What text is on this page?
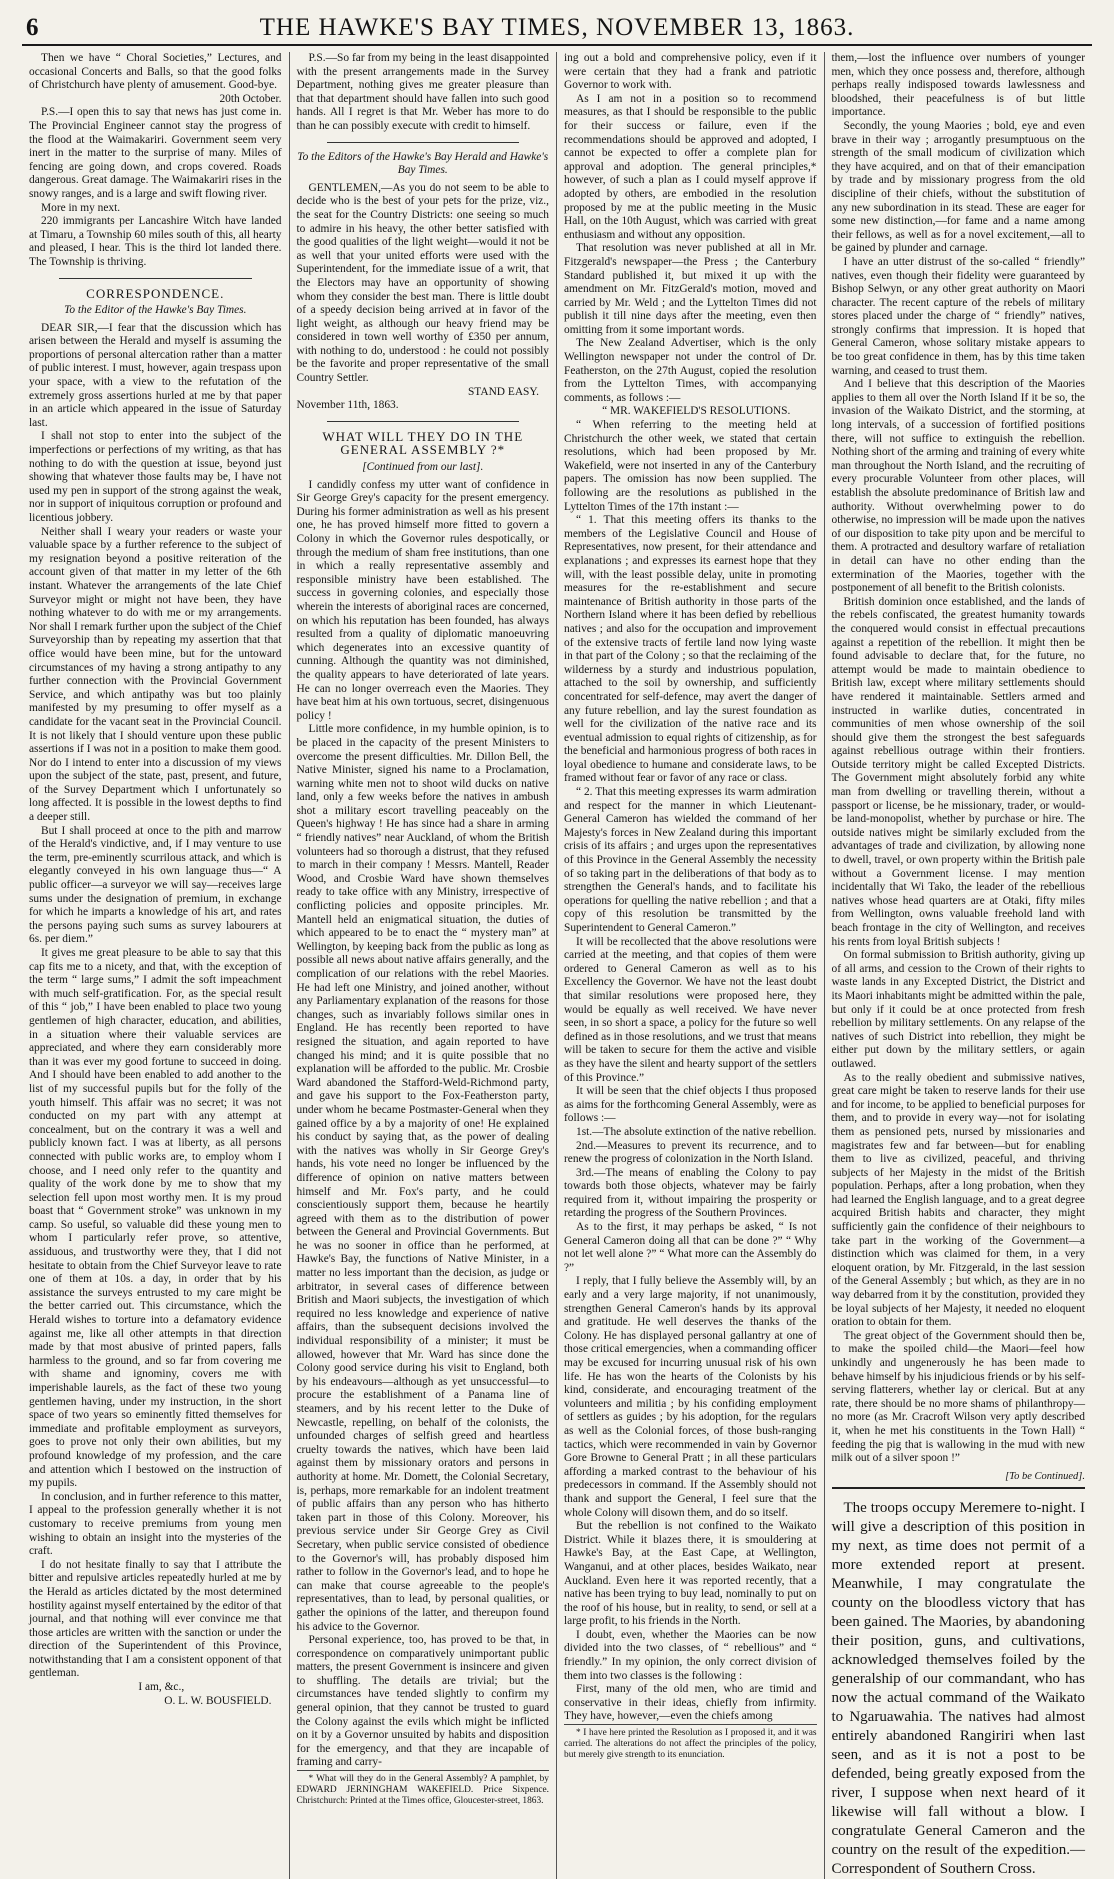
6	THE HAWKE'S BAY TIMES, NOVEMBER 13, 1863.

Then we have “ Choral Societies,” Lectures, and occasional Concerts and Balls, so that the good folks of Christchurch have plenty of amusement. Good-bye.

20th October.

P.S.—I open this to say that news has just come in. The Provincial Engineer cannot stay the progress of the flood at the Waimakariri. Government seem very inert in the matter to the surprise of many. Miles of fencing are going down, and crops covered. Roads dangerous. Great damage. The Waimakariri rises in the snowy ranges, and is a large and swift flowing river.

More in my next.

220 immigrants per Lancashire Witch have landed at Timaru, a Township 60 miles south of this, all hearty and pleased, I hear. This is the third lot landed there. The Township is thriving.

CORRESPONDENCE.
To the Editor of the Hawke's Bay Times.

DEAR SIR,—I fear that the discussion which has arisen between the Herald and myself is assuming the proportions of personal altercation rather than a matter of public interest. I must, however, again trespass upon your space, with a view to the refutation of the extremely gross assertions hurled at me by that paper in an article which appeared in the issue of Saturday last.

I shall not stop to enter into the subject of the imperfections or perfections of my writing, as that has nothing to do with the question at issue, beyond just showing that whatever those faults may be, I have not used my pen in support of the strong against the weak, nor in support of iniquitous corruption or profound and licentious jobbery.

Neither shall I weary your readers or waste your valuable space by a further reference to the subject of my resignation beyond a positive reiteration of the account given of that matter in my letter of the 6th instant. Whatever the arrangements of the late Chief Surveyor might or might not have been, they have nothing whatever to do with me or my arrangements. Nor shall I remark further upon the subject of the Chief Surveyorship than by repeating my assertion that that office would have been mine, but for the untoward circumstances of my having a strong antipathy to any further connection with the Provincial Government Service, and which antipathy was but too plainly manifested by my presuming to offer myself as a candidate for the vacant seat in the Provincial Council. It is not likely that I should venture upon these public assertions if I was not in a position to make them good. Nor do I intend to enter into a discussion of my views upon the subject of the state, past, present, and future, of the Survey Department which I unfortunately so long affected. It is possible in the lowest depths to find a deeper still.

But I shall proceed at once to the pith and marrow of the Herald's vindictive, and, if I may venture to use the term, pre-eminently scurrilous attack, and which is elegantly conveyed in his own language thus—“ A public officer—a surveyor we will say—receives large sums under the designation of premium, in exchange for which he imparts a knowledge of his art, and rates the persons paying such sums as survey labourers at 6s. per diem.”

It gives me great pleasure to be able to say that this cap fits me to a nicety, and that, with the exception of the term “ large sums,” I admit the soft impeachment with much self-gratification. For, as the special result of this “ job,” I have been enabled to place two young gentlemen of high character, education, and abilities, in a situation where their valuable services are appreciated, and where they earn considerably more than it was ever my good fortune to succeed in doing. And I should have been enabled to add another to the list of my successful pupils but for the folly of the youth himself. This affair was no secret; it was not conducted on my part with any attempt at concealment, but on the contrary it was a well and publicly known fact. I was at liberty, as all persons connected with public works are, to employ whom I choose, and I need only refer to the quantity and quality of the work done by me to show that my selection fell upon most worthy men. It is my proud boast that “ Government stroke” was unknown in my camp. So useful, so valuable did these young men to whom I particularly refer prove, so attentive, assiduous, and trustworthy were they, that I did not hesitate to obtain from the Chief Surveyor leave to rate one of them at 10s. a day, in order that by his assistance the surveys entrusted to my care might be the better carried out. This circumstance, which the Herald wishes to torture into a defamatory evidence against me, like all other attempts in that direction made by that most abusive of printed papers, falls harmless to the ground, and so far from covering me with shame and ignominy, covers me with imperishable laurels, as the fact of these two young gentlemen having, under my instruction, in the short space of two years so eminently fitted themselves for immediate and profitable employment as surveyors, goes to prove not only their own abilities, but my profound knowledge of my profession, and the care and attention which I bestowed on the instruction of my pupils.

In conclusion, and in further reference to this matter, I appeal to the profession generally whether it is not customary to receive premiums from young men wishing to obtain an insight into the mysteries of the craft.

I do not hesitate finally to say that I attribute the bitter and repulsive articles repeatedly hurled at me by the Herald as articles dictated by the most determined hostility against myself entertained by the editor of that journal, and that nothing will ever convince me that those articles are written with the sanction or under the direction of the Superintendent of this Province, notwithstanding that I am a consistent opponent of that gentleman.

I am, &c.,

O. L. W. BOUSFIELD.

P.S.—So far from my being in the least disappointed with the present arrangements made in the Survey Department, nothing gives me greater pleasure than that that department should have fallen into such good hands. All I regret is that Mr. Weber has more to do than he can possibly execute with credit to himself.

To the Editors of the Hawke's Bay Herald and Hawke's Bay Times.

GENTLEMEN,—As you do not seem to be able to decide who is the best of your pets for the prize, viz., the seat for the Country Districts: one seeing so much to admire in his heavy, the other better satisfied with the good qualities of the light weight—would it not be as well that your united efforts were used with the Superintendent, for the immediate issue of a writ, that the Electors may have an opportunity of showing whom they consider the best man. There is little doubt of a speedy decision being arrived at in favor of the light weight, as although our heavy friend may be considered in town well worthy of £350 per annum, with nothing to do, understood : he could not possibly be the favorite and proper representative of the small Country Settler.

STAND EASY.

November 11th, 1863.

WHAT WILL THEY DO IN THE GENERAL ASSEMBLY ?*
[Continued from our last].

I candidly confess my utter want of confidence in Sir George Grey's capacity for the present emergency. During his former administration as well as his present one, he has proved himself more fitted to govern a Colony in which the Governor rules despotically, or through the medium of sham free institutions, than one in which a really representative assembly and responsible ministry have been established. The success in governing colonies, and especially those wherein the interests of aboriginal races are concerned, on which his reputation has been founded, has always resulted from a quality of diplomatic manoeuvring which degenerates into an excessive quantity of cunning. Although the quantity was not diminished, the quality appears to have deteriorated of late years. He can no longer overreach even the Maories. They have beat him at his own tortuous, secret, disingenuous policy !

Little more confidence, in my humble opinion, is to be placed in the capacity of the present Ministers to overcome the present difficulties. Mr. Dillon Bell, the Native Minister, signed his name to a Proclamation, warning white men not to shoot wild ducks on native land, only a few weeks before the natives in ambush shot a military escort travelling peaceably on the Queen's highway ! He has since had a share in arming “ friendly natives” near Auckland, of whom the British volunteers had so thorough a distrust, that they refused to march in their company ! Messrs. Mantell, Reader Wood, and Crosbie Ward have shown themselves ready to take office with any Ministry, irrespective of conflicting policies and opposite principles. Mr. Mantell held an enigmatical situation, the duties of which appeared to be to enact the “ mystery man” at Wellington, by keeping back from the public as long as possible all news about native affairs generally, and the complication of our relations with the rebel Maories. He had left one Ministry, and joined another, without any Parliamentary explanation of the reasons for those changes, such as invariably follows similar ones in England. He has recently been reported to have resigned the situation, and again reported to have changed his mind; and it is quite possible that no explanation will be afforded to the public. Mr. Crosbie Ward abandoned the Stafford-Weld-Richmond party, and gave his support to the Fox-Featherston party, under whom he became Postmaster-General when they gained office by a by a majority of one! He explained his conduct by saying that, as the power of dealing with the natives was wholly in Sir George Grey's hands, his vote need no longer be influenced by the difference of opinion on native matters between himself and Mr. Fox's party, and he could conscientiously support them, because he heartily agreed with them as to the distribution of power between the General and Provincial Governments. But he was no sooner in office than he performed, at Hawke's Bay, the functions of Native Minister, in a matter no less important than the decision, as judge or arbitrator, in several cases of difference between British and Maori subjects, the investigation of which required no less knowledge and experience of native affairs, than the subsequent decisions involved the individual responsibility of a minister; it must be allowed, however that Mr. Ward has since done the Colony good service during his visit to England, both by his endeavours—although as yet unsuccessful—to procure the establishment of a Panama line of steamers, and by his recent letter to the Duke of Newcastle, repelling, on behalf of the colonists, the unfounded charges of selfish greed and heartless cruelty towards the natives, which have been laid against them by missionary orators and persons in authority at home. Mr. Domett, the Colonial Secretary, is, perhaps, more remarkable for an indolent treatment of public affairs than any person who has hitherto taken part in those of this Colony. Moreover, his previous service under Sir George Grey as Civil Secretary, when public service consisted of obedience to the Governor's will, has probably disposed him rather to follow in the Governor's lead, and to hope he can make that course agreeable to the people's representatives, than to lead, by personal qualities, or gather the opinions of the latter, and thereupon found his advice to the Governor.

Personal experience, too, has proved to be that, in correspondence on comparatively unimportant public matters, the present Government is insincere and given to shuffling. The details are trivial; but the circumstances have tended slightly to confirm my general opinion, that they cannot be trusted to guard the Colony against the evils which might be inflicted on it by a Governor unsuited by habits and disposition for the emergency, and that they are incapable of framing and carry-

* What will they do in the General Assembly? A pamphlet, by EDWARD JERNINGHAM WAKEFIELD. Price Sixpence. Christchurch: Printed at the Times office, Gloucester-street, 1863.

ing out a bold and comprehensive policy, even if it were certain that they had a frank and patriotic Governor to work with.

As I am not in a position so to recommend measures, as that I should be responsible to the public for their success or failure, even if the recommendations should be approved and adopted, I cannot be expected to offer a complete plan for approval and adoption. The general principles,* however, of such a plan as I could myself approve if adopted by others, are embodied in the resolution proposed by me at the public meeting in the Music Hall, on the 10th August, which was carried with great enthusiasm and without any opposition.

That resolution was never published at all in Mr. Fitzgerald's newspaper—the Press ; the Canterbury Standard published it, but mixed it up with the amendment on Mr. FitzGerald's motion, moved and carried by Mr. Weld ; and the Lyttelton Times did not publish it till nine days after the meeting, even then omitting from it some important words.

The New Zealand Advertiser, which is the only Wellington newspaper not under the control of Dr. Featherston, on the 27th August, copied the resolution from the Lyttelton Times, with accompanying comments, as follows :—

“ MR. WAKEFIELD'S RESOLUTIONS.

“ When referring to the meeting held at Christchurch the other week, we stated that certain resolutions, which had been proposed by Mr. Wakefield, were not inserted in any of the Canterbury papers. The omission has now been supplied. The following are the resolutions as published in the Lyttelton Times of the 17th instant :—

“ 1. That this meeting offers its thanks to the members of the Legislative Council and House of Representatives, now present, for their attendance and explanations ; and expresses its earnest hope that they will, with the least possible delay, unite in promoting measures for the re-establishment and secure maintenance of British authority in those parts of the Northern Island where it has been defied by rebellious natives ; and also for the occupation and improvement of the extensive tracts of fertile land now lying waste in that part of the Colony ; so that the reclaiming of the wilderness by a sturdy and industrious population, attached to the soil by ownership, and sufficiently concentrated for self-defence, may avert the danger of any future rebellion, and lay the surest foundation as well for the civilization of the native race and its eventual admission to equal rights of citizenship, as for the beneficial and harmonious progress of both races in loyal obedience to humane and considerate laws, to be framed without fear or favor of any race or class.

“ 2. That this meeting expresses its warm admiration and respect for the manner in which Lieutenant-General Cameron has wielded the command of her Majesty's forces in New Zealand during this important crisis of its affairs ; and urges upon the representatives of this Province in the General Assembly the necessity of so taking part in the deliberations of that body as to strengthen the General's hands, and to facilitate his operations for quelling the native rebellion ; and that a copy of this resolution be transmitted by the Superintendent to General Cameron.”

It will be recollected that the above resolutions were carried at the meeting, and that copies of them were ordered to General Cameron as well as to his Excellency the Governor. We have not the least doubt that similar resolutions were proposed here, they would be equally as well received. We have never seen, in so short a space, a policy for the future so well defined as in those resolutions, and we trust that means will be taken to secure for them the active and visible as they have the silent and hearty support of the settlers of this Province.”

It will be seen that the chief objects I thus proposed as aims for the forthcoming General Assembly, were as follows :—

1st.—The absolute extinction of the native rebellion.

2nd.—Measures to prevent its recurrence, and to renew the progress of colonization in the North Island.

3rd.—The means of enabling the Colony to pay towards both those objects, whatever may be fairly required from it, without impairing the prosperity or retarding the progress of the Southern Provinces.

As to the first, it may perhaps be asked, “ Is not General Cameron doing all that can be done ?” “ Why not let well alone ?” “ What more can the Assembly do ?”

I reply, that I fully believe the Assembly will, by an early and a very large majority, if not unanimously, strengthen General Cameron's hands by its approval and gratitude. He well deserves the thanks of the Colony. He has displayed personal gallantry at one of those critical emergencies, when a commanding officer may be excused for incurring unusual risk of his own life. He has won the hearts of the Colonists by his kind, considerate, and encouraging treatment of the volunteers and militia ; by his confiding employment of settlers as guides ; by his adoption, for the regulars as well as the Colonial forces, of those bush-ranging tactics, which were recommended in vain by Governor Gore Browne to General Pratt ; in all these particulars affording a marked contrast to the behaviour of his predecessors in command. If the Assembly should not thank and support the General, I feel sure that the whole Colony will disown them, and do so itself.

But the rebellion is not confined to the Waikato District. While it blazes there, it is smouldering at Hawke's Bay, at the East Cape, at Wellington, Wanganui, and at other places, besides Waikato, near Auckland. Even here it was reported recently, that a native has been trying to buy lead, nominally to put on the roof of his house, but in reality, to send, or sell at a large profit, to his friends in the North.

I doubt, even, whether the Maories can be now divided into the two classes, of “ rebellious” and “ friendly.” In my opinion, the only correct division of them into two classes is the following :

First, many of the old men, who are timid and conservative in their ideas, chiefly from infirmity. They have, however,—even the chiefs among

* I have here printed the Resolution as I proposed it, and it was carried. The alterations do not affect the principles of the policy, but merely give strength to its enunciation.

them,—lost the influence over numbers of younger men, which they once possess and, therefore, although perhaps really indisposed towards lawlessness and bloodshed, their peacefulness is of but little importance.

Secondly, the young Maories ; bold, eye and even brave in their way ; arrogantly presumptuous on the strength of the small modicum of civilization which they have acquired, and on that of their emancipation by trade and by missionary progress from the old discipline of their chiefs, without the substitution of any new subordination in its stead. These are eager for some new distinction,—for fame and a name among their fellows, as well as for a novel excitement,—all to be gained by plunder and carnage.

I have an utter distrust of the so-called “ friendly” natives, even though their fidelity were guaranteed by Bishop Selwyn, or any other great authority on Maori character. The recent capture of the rebels of military stores placed under the charge of “ friendly” natives, strongly confirms that impression. It is hoped that General Cameron, whose solitary mistake appears to be too great confidence in them, has by this time taken warning, and ceased to trust them.

And I believe that this description of the Maories applies to them all over the North Island If it be so, the invasion of the Waikato District, and the storming, at long intervals, of a succession of fortified positions there, will not suffice to extinguish the rebellion. Nothing short of the arming and training of every white man throughout the North Island, and the recruiting of every procurable Volunteer from other places, will establish the absolute predominance of British law and authority. Without overwhelming power to do otherwise, no impression will be made upon the natives of our disposition to take pity upon and be merciful to them. A protracted and desultory warfare of retaliation in detail can have no other ending than the extermination of the Maories, together with the postponement of all benefit to the British colonists.

British dominion once established, and the lands of the rebels confiscated, the greatest humanity towards the conquered would consist in effectual precautions against a repetition of the rebellion. It might then be found advisable to declare that, for the future, no attempt would be made to maintain obedience to British law, except where military settlements should have rendered it maintainable. Settlers armed and instructed in warlike duties, concentrated in communities of men whose ownership of the soil should give them the strongest the best safeguards against rebellious outrage within their frontiers. Outside territory might be called Excepted Districts. The Government might absolutely forbid any white man from dwelling or travelling therein, without a passport or license, be he missionary, trader, or would-be land-monopolist, whether by purchase or hire. The outside natives might be similarly excluded from the advantages of trade and civilization, by allowing none to dwell, travel, or own property within the British pale without a Government license. I may mention incidentally that Wi Tako, the leader of the rebellious natives whose head quarters are at Otaki, fifty miles from Wellington, owns valuable freehold land with beach frontage in the city of Wellington, and receives his rents from loyal British subjects !

On formal submission to British authority, giving up of all arms, and cession to the Crown of their rights to waste lands in any Excepted District, the District and its Maori inhabitants might be admitted within the pale, but only if it could be at once protected from fresh rebellion by military settlements. On any relapse of the natives of such District into rebellion, they might be either put down by the military settlers, or again outlawed.

As to the really obedient and submissive natives, great care might be taken to reserve lands for their use and for income, to be applied to beneficial purposes for them, and to provide in every way—not for isolating them as pensioned pets, nursed by missionaries and magistrates few and far between—but for enabling them to live as civilized, peaceful, and thriving subjects of her Majesty in the midst of the British population. Perhaps, after a long probation, when they had learned the English language, and to a great degree acquired British habits and character, they might sufficiently gain the confidence of their neighbours to take part in the working of the Government—a distinction which was claimed for them, in a very eloquent oration, by Mr. Fitzgerald, in the last session of the General Assembly ; but which, as they are in no way debarred from it by the constitution, provided they be loyal subjects of her Majesty, it needed no eloquent oration to obtain for them.

The great object of the Government should then be, to make the spoiled child—the Maori—feel how unkindly and ungenerously he has been made to behave himself by his injudicious friends or by his self-serving flatterers, whether lay or clerical. But at any rate, there should be no more shams of philanthropy—no more (as Mr. Cracroft Wilson very aptly described it, when he met his constituents in the Town Hall) “ feeding the pig that is wallowing in the mud with new milk out of a silver spoon !”

[To be Continued].

The troops occupy Meremere to-night. I will give a description of this position in my next, as time does not permit of a more extended report at present. Meanwhile, I may congratulate the county on the bloodless victory that has been gained. The Maories, by abandoning their position, guns, and cultivations, acknowledged themselves foiled by the generalship of our commandant, who has now the actual command of the Waikato to Ngaruawahia. The natives had almost entirely abandoned Rangiriri when last seen, and as it is not a post to be defended, being greatly exposed from the river, I suppose when next heard of it likewise will fall without a blow. I congratulate General Cameron and the country on the result of the expedition.—Correspondent of Southern Cross.
